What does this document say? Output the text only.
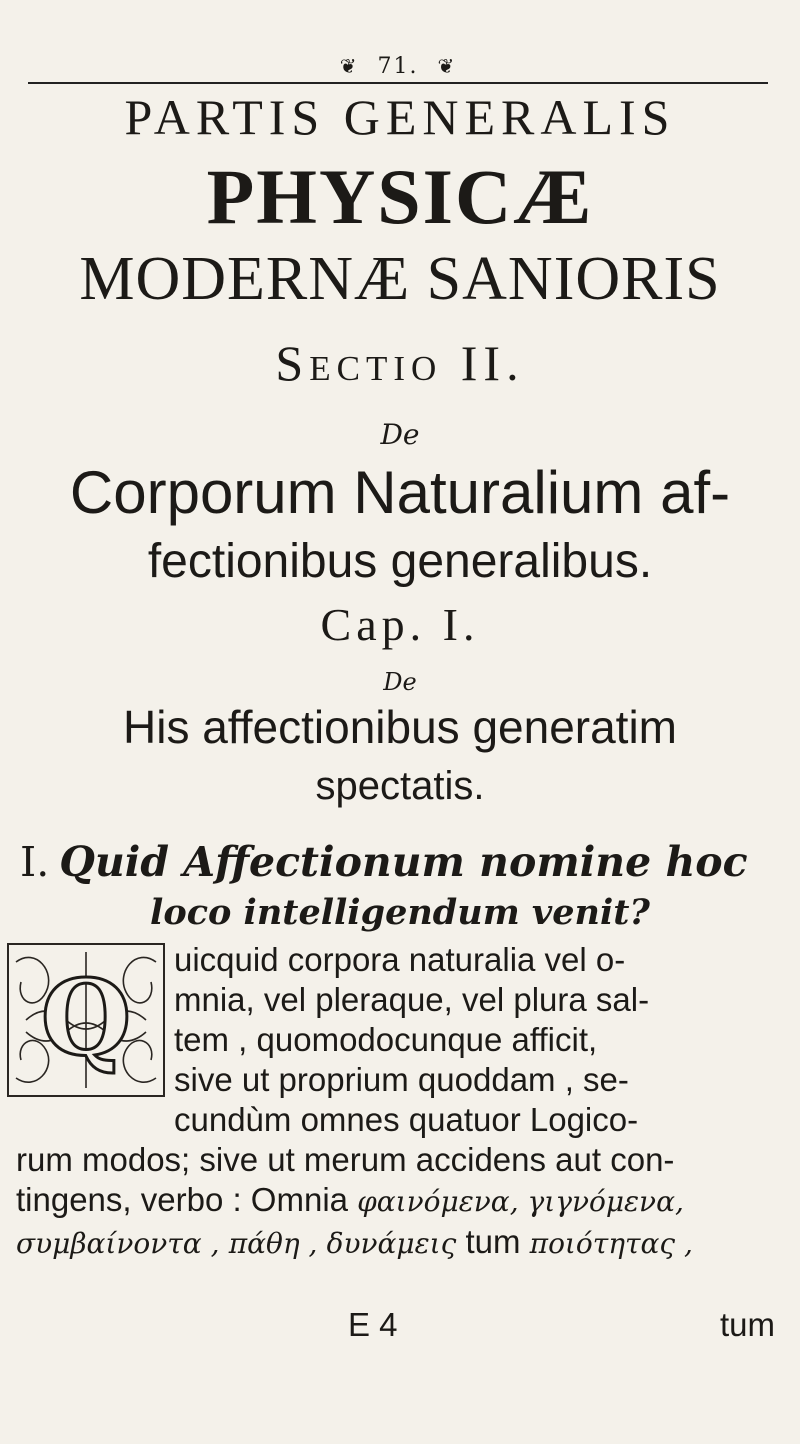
❦ 71. ❦
PARTIS GENERALIS
PHYSICÆ
MODERNÆ SANIORIS
Sectio II.
De
Corporum Naturalium af-
fectionibus generalibus.
Cap. I.
De
His affectionibus generatim
spectatis.
I. Quid Affectionum nomine hoc
loco intelligendum venit?
Q uicquid corpora naturalia vel o-
mnia, vel pleraque, vel plura sal-
tem , quomodocunque afficit,
sive ut proprium quoddam , se-
cundùm omnes quatuor Logico-
rum modos; sive ut merum accidens aut con-
tingens, verbo : Omnia φαινόμενα, γιγνόμενα,
συμβαίνοντα , πάθη , δυνάμεις tum ποιότητας ,
E 4	tum
